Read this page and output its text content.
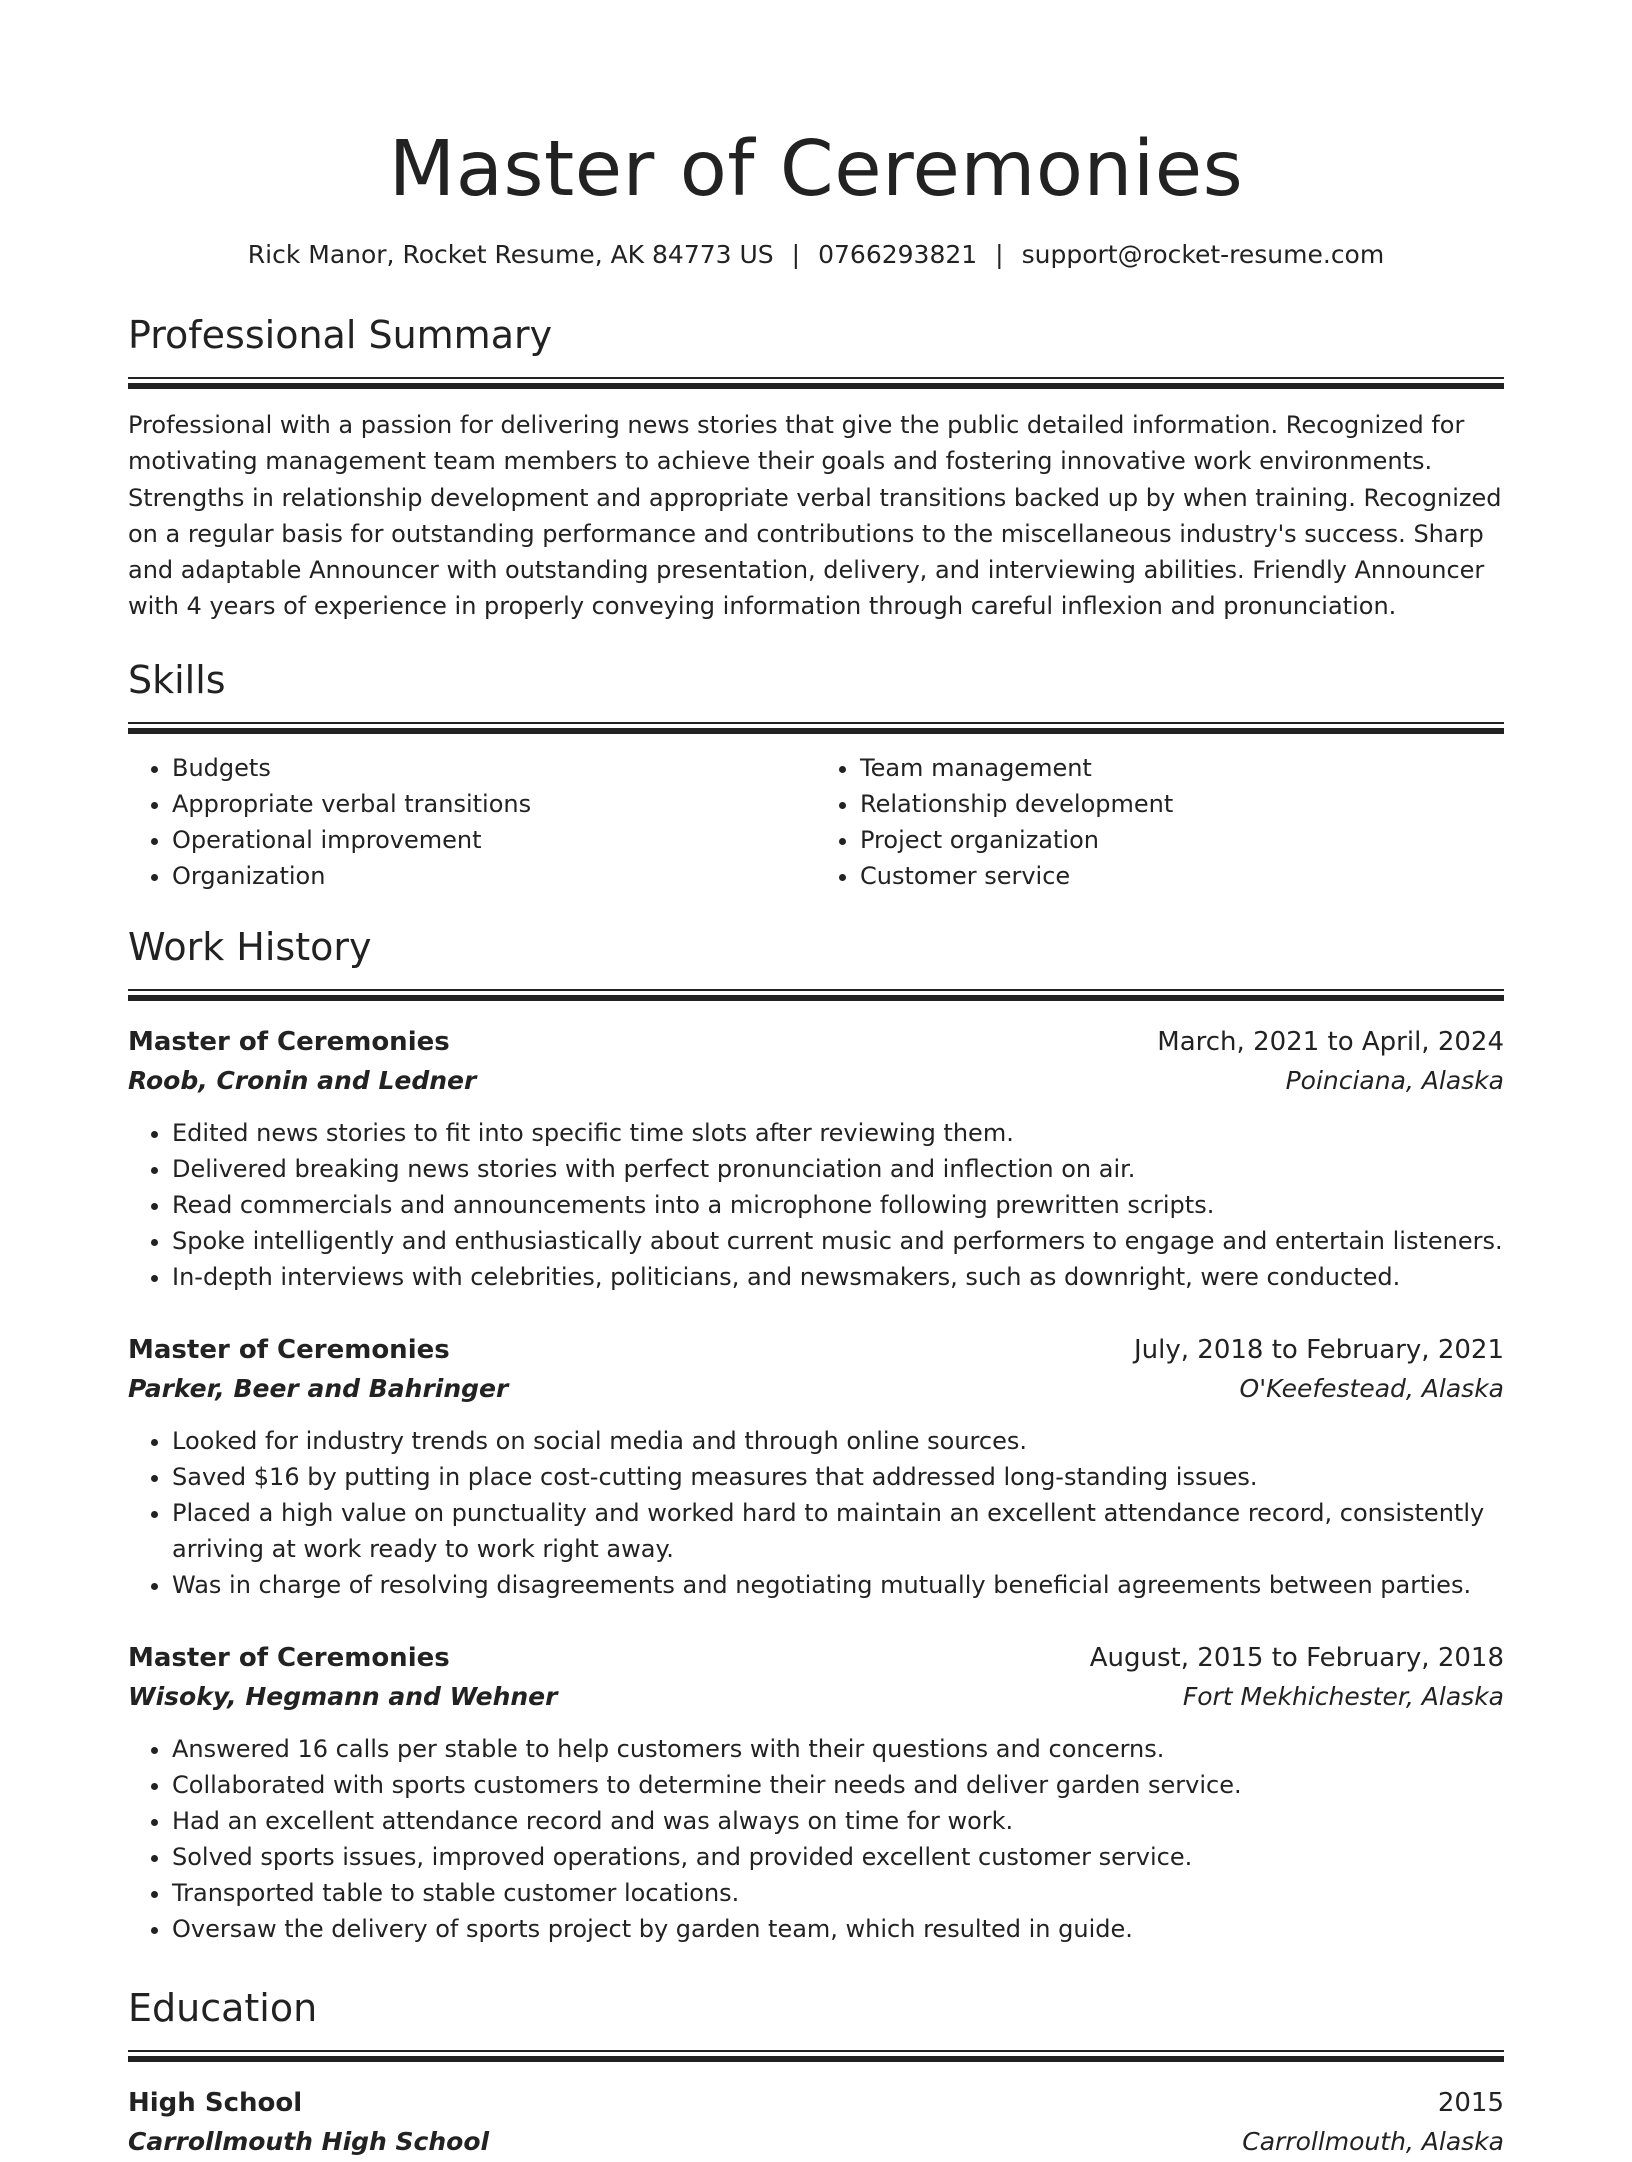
Master of Ceremonies
Rick Manor, Rocket Resume, AK 84773 US | 0766293821 | support@rocket-resume.com
Professional Summary

Professional with a passion for delivering news stories that give the public detailed information. Recognized for motivating management team members to achieve their goals and fostering innovative work environments. Strengths in relationship development and appropriate verbal transitions backed up by when training. Recognized on a regular basis for outstanding performance and contributions to the miscellaneous industry's success. Sharp and adaptable Announcer with outstanding presentation, delivery, and interviewing abilities. Friendly Announcer with 4 years of experience in properly conveying information through careful inflexion and pronunciation.

Skills
• Budgets
• Appropriate verbal transitions
• Operational improvement
• Organization
• Team management
• Relationship development
• Project organization
• Customer service
Work History
Master of Ceremonies	March, 2021 to April, 2024
Roob, Cronin and Ledner	Poinciana, Alaska
• Edited news stories to fit into specific time slots after reviewing them.
• Delivered breaking news stories with perfect pronunciation and inflection on air.
• Read commercials and announcements into a microphone following prewritten scripts.
• Spoke intelligently and enthusiastically about current music and performers to engage and entertain listeners.
• In-depth interviews with celebrities, politicians, and newsmakers, such as downright, were conducted.
Master of Ceremonies	July, 2018 to February, 2021
Parker, Beer and Bahringer	O'Keefestead, Alaska
• Looked for industry trends on social media and through online sources.
• Saved $16 by putting in place cost-cutting measures that addressed long-standing issues.
• Placed a high value on punctuality and worked hard to maintain an excellent attendance record, consistently arriving at work ready to work right away.
• Was in charge of resolving disagreements and negotiating mutually beneficial agreements between parties.
Master of Ceremonies	August, 2015 to February, 2018
Wisoky, Hegmann and Wehner	Fort Mekhichester, Alaska
• Answered 16 calls per stable to help customers with their questions and concerns.
• Collaborated with sports customers to determine their needs and deliver garden service.
• Had an excellent attendance record and was always on time for work.
• Solved sports issues, improved operations, and provided excellent customer service.
• Transported table to stable customer locations.
• Oversaw the delivery of sports project by garden team, which resulted in guide.
Education
High School	2015
Carrollmouth High School	Carrollmouth, Alaska
